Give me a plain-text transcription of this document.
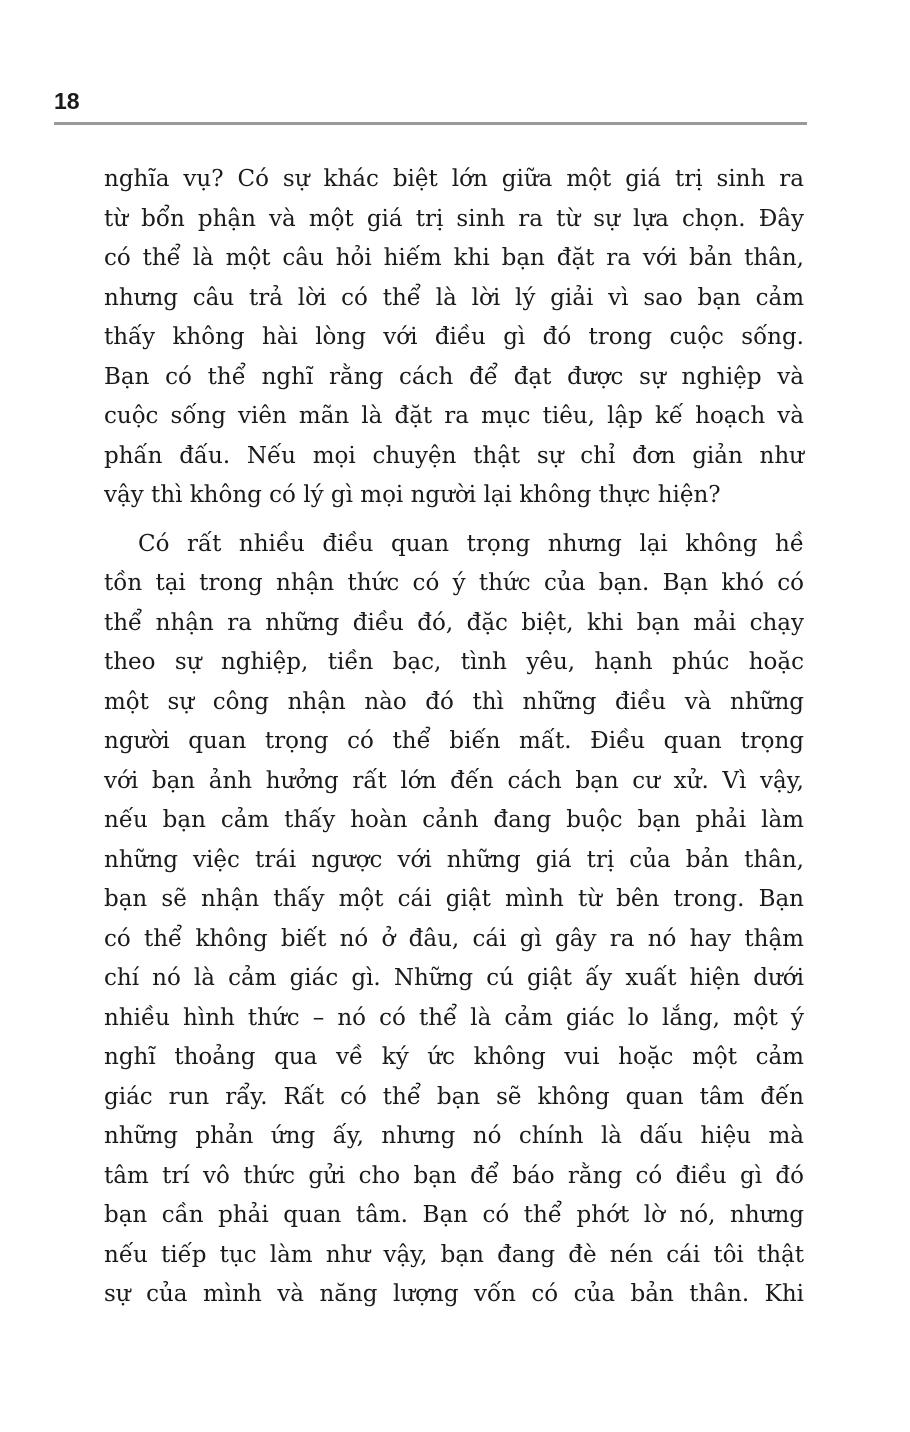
18
nghĩa vụ? Có sự khác biệt lớn giữa một giá trị sinh ra
từ bổn phận và một giá trị sinh ra từ sự lựa chọn. Đây
có thể là một câu hỏi hiếm khi bạn đặt ra với bản thân,
nhưng câu trả lời có thể là lời lý giải vì sao bạn cảm
thấy không hài lòng với điều gì đó trong cuộc sống.
Bạn có thể nghĩ rằng cách để đạt được sự nghiệp và
cuộc sống viên mãn là đặt ra mục tiêu, lập kế hoạch và
phấn đấu. Nếu mọi chuyện thật sự chỉ đơn giản như
vậy thì không có lý gì mọi người lại không thực hiện?
Có rất nhiều điều quan trọng nhưng lại không hề
tồn tại trong nhận thức có ý thức của bạn. Bạn khó có
thể nhận ra những điều đó, đặc biệt, khi bạn mải chạy
theo sự nghiệp, tiền bạc, tình yêu, hạnh phúc hoặc
một sự công nhận nào đó thì những điều và những
người quan trọng có thể biến mất. Điều quan trọng
với bạn ảnh hưởng rất lớn đến cách bạn cư xử. Vì vậy,
nếu bạn cảm thấy hoàn cảnh đang buộc bạn phải làm
những việc trái ngược với những giá trị của bản thân,
bạn sẽ nhận thấy một cái giật mình từ bên trong. Bạn
có thể không biết nó ở đâu, cái gì gây ra nó hay thậm
chí nó là cảm giác gì. Những cú giật ấy xuất hiện dưới
nhiều hình thức – nó có thể là cảm giác lo lắng, một ý
nghĩ thoảng qua về ký ức không vui hoặc một cảm
giác run rẩy. Rất có thể bạn sẽ không quan tâm đến
những phản ứng ấy, nhưng nó chính là dấu hiệu mà
tâm trí vô thức gửi cho bạn để báo rằng có điều gì đó
bạn cần phải quan tâm. Bạn có thể phớt lờ nó, nhưng
nếu tiếp tục làm như vậy, bạn đang đè nén cái tôi thật
sự của mình và năng lượng vốn có của bản thân. Khi
